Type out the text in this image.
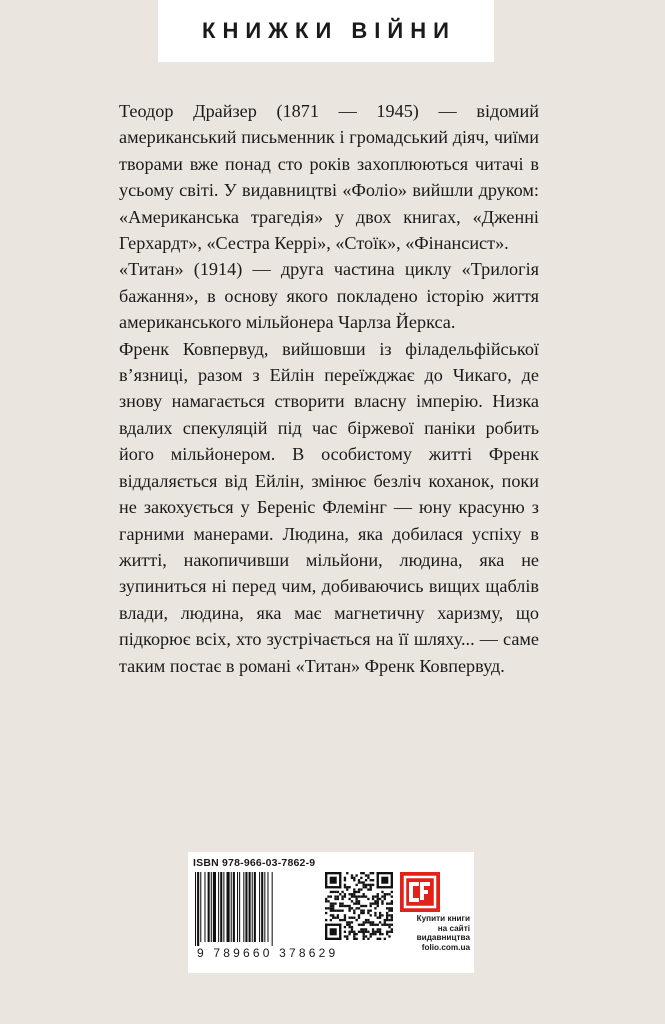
КНИЖКИ ВІЙНИ

Теодор Драйзер (1871 — 1945) — відомий американський письменник і громадський діяч, чиїми творами вже понад сто років захоплюються читачі в усьому світі. У видавництві «Фоліо» вийшли друком: «Американська трагедія» у двох книгах, «Дженні Герхардт», «Сестра Керрі», «Стоїк», «Фінансист».

«Титан» (1914) — друга частина циклу «Трилогія бажання», в основу якого покладено історію життя американського мільйонера Чарлза Йеркса.

Френк Ковпервуд, вийшовши із філадельфійської в’язниці, разом з Ейлін переїжджає до Чикаго, де знову намагається створити власну імперію. Низка вдалих спекуляцій під час біржевої паніки робить його мільйонером. В особистому житті Френк віддаляється від Ейлін, змінює безліч коханок, поки не закохується у Береніс Флемінг — юну красуню з гарними манерами. Людина, яка добилася успіху в житті, накопичивши мільйони, людина, яка не зупиниться ні перед чим, добиваючись вищих щаблів влади, людина, яка має магнетичну харизму, що підкорює всіх, хто зустрічається на її шляху... — саме таким постає в романі «Титан» Френк Ковпервуд.

ISBN 978-966-03-7862-9
9 789660 378629
Купити книги
на сайті
видавництва
folio.com.ua
